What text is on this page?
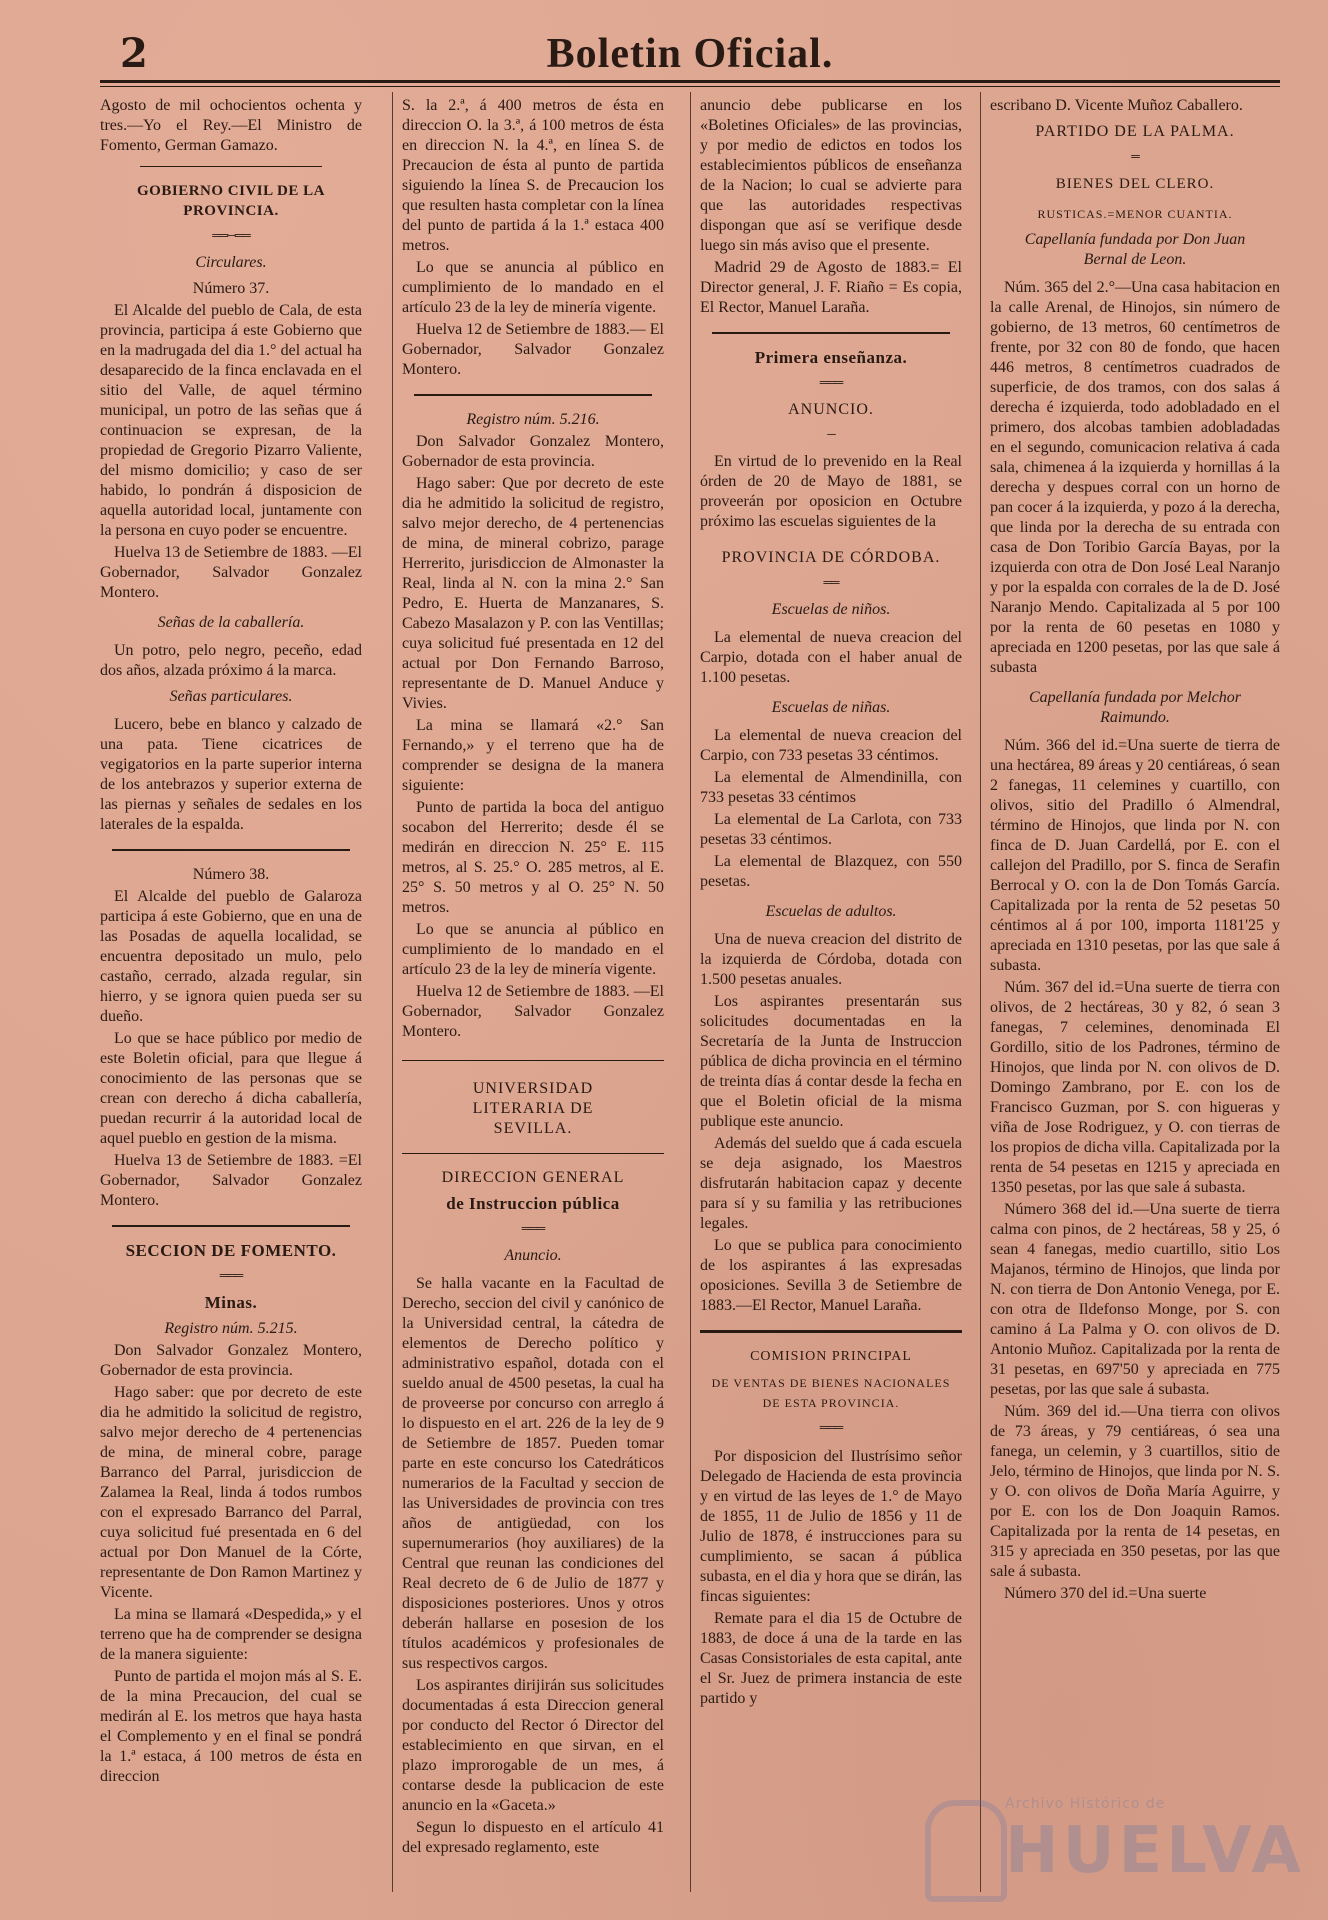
2	Boletin Oficial.

Agosto de mil ochocientos ochenta y tres.—Yo el Rey.—El Ministro de Fomento, German Gamazo.

GOBIERNO CIVIL DE LA PROVINCIA.

══─══

Circulares.

Número 37.

El Alcalde del pueblo de Cala, de esta provincia, participa á este Gobierno que en la madrugada del dia 1.° del actual ha desaparecido de la finca enclavada en el sitio del Valle, de aquel término municipal, un potro de las señas que á continuacion se expresan, de la propiedad de Gregorio Pizarro Valiente, del mismo domicilio; y caso de ser habido, lo pondrán á disposicion de aquella autoridad local, juntamente con la persona en cuyo poder se encuentre.

Huelva 13 de Setiembre de 1883. —El Gobernador, Salvador Gonzalez Montero.

Señas de la caballería.

Un potro, pelo negro, peceño, edad dos años, alzada próximo á la marca.

Señas particulares.

Lucero, bebe en blanco y calzado de una pata. Tiene cicatrices de vegigatorios en la parte superior interna de los antebrazos y superior externa de las piernas y señales de sedales en los laterales de la espalda.

Número 38.

El Alcalde del pueblo de Galaroza participa á este Gobierno, que en una de las Posadas de aquella localidad, se encuentra depositado un mulo, pelo castaño, cerrado, alzada regular, sin hierro, y se ignora quien pueda ser su dueño.

Lo que se hace público por medio de este Boletin oficial, para que llegue á conocimiento de las personas que se crean con derecho á dicha caballería, puedan recurrir á la autoridad local de aquel pueblo en gestion de la misma.

Huelva 13 de Setiembre de 1883. =El Gobernador, Salvador Gonzalez Montero.

SECCION DE FOMENTO.

═══

Minas.

Registro núm. 5.215.

Don Salvador Gonzalez Montero, Gobernador de esta provincia.

Hago saber: que por decreto de este dia he admitido la solicitud de registro, salvo mejor derecho de 4 pertenencias de mina, de mineral cobre, parage Barranco del Parral, jurisdiccion de Zalamea la Real, linda á todos rumbos con el expresado Barranco del Parral, cuya solicitud fué presentada en 6 del actual por Don Manuel de la Córte, representante de Don Ramon Martinez y Vicente.

La mina se llamará «Despedida,» y el terreno que ha de comprender se designa de la manera siguiente:

Punto de partida el mojon más al S. E. de la mina Precaucion, del cual se medirán al E. los metros que haya hasta el Complemento y en el final se pondrá la 1.ª estaca, á 100 metros de ésta en direccion

S. la 2.ª, á 400 metros de ésta en direccion O. la 3.ª, á 100 metros de ésta en direccion N. la 4.ª, en línea S. de Precaucion de ésta al punto de partida siguiendo la línea S. de Precaucion los que resulten hasta completar con la línea del punto de partida á la 1.ª estaca 400 metros.

Lo que se anuncia al público en cumplimiento de lo mandado en el artículo 23 de la ley de minería vigente.

Huelva 12 de Setiembre de 1883.— El Gobernador, Salvador Gonzalez Montero.

Registro núm. 5.216.

Don Salvador Gonzalez Montero, Gobernador de esta provincia.

Hago saber: Que por decreto de este dia he admitido la solicitud de registro, salvo mejor derecho, de 4 pertenencias de mina, de mineral cobrizo, parage Herrerito, jurisdiccion de Almonaster la Real, linda al N. con la mina 2.° San Pedro, E. Huerta de Manzanares, S. Cabezo Masalazon y P. con las Ventillas; cuya solicitud fué presentada en 12 del actual por Don Fernando Barroso, representante de D. Manuel Anduce y Vivies.

La mina se llamará «2.° San Fernando,» y el terreno que ha de comprender se designa de la manera siguiente:

Punto de partida la boca del antiguo socabon del Herrerito; desde él se medirán en direccion N. 25° E. 115 metros, al S. 25.° O. 285 metros, al E. 25° S. 50 metros y al O. 25° N. 50 metros.

Lo que se anuncia al público en cumplimiento de lo mandado en el artículo 23 de la ley de minería vigente.

Huelva 12 de Setiembre de 1883. —El Gobernador, Salvador Gonzalez Montero.

UNIVERSIDAD LITERARIA DE SEVILLA.

DIRECCION GENERAL

de Instruccion pública

═══

Anuncio.

Se halla vacante en la Facultad de Derecho, seccion del civil y canónico de la Universidad central, la cátedra de elementos de Derecho político y administrativo español, dotada con el sueldo anual de 4500 pesetas, la cual ha de proveerse por concurso con arreglo á lo dispuesto en el art. 226 de la ley de 9 de Setiembre de 1857. Pueden tomar parte en este concurso los Catedráticos numerarios de la Facultad y seccion de las Universidades de provincia con tres años de antigüedad, con los supernumerarios (hoy auxiliares) de la Central que reunan las condiciones del Real decreto de 6 de Julio de 1877 y disposiciones posteriores. Unos y otros deberán hallarse en posesion de los títulos académicos y profesionales de sus respectivos cargos.

Los aspirantes dirijirán sus solicitudes documentadas á esta Direccion general por conducto del Rector ó Director del establecimiento en que sirvan, en el plazo improrogable de un mes, á contarse desde la publicacion de este anuncio en la «Gaceta.»

Segun lo dispuesto en el artículo 41 del expresado reglamento, este

anuncio debe publicarse en los «Boletines Oficiales» de las provincias, y por medio de edictos en todos los establecimientos públicos de enseñanza de la Nacion; lo cual se advierte para que las autoridades respectivas dispongan que así se verifique desde luego sin más aviso que el presente.

Madrid 29 de Agosto de 1883.= El Director general, J. F. Riaño = Es copia, El Rector, Manuel Laraña.

Primera enseñanza.

═══

ANUNCIO.

─

En virtud de lo prevenido en la Real órden de 20 de Mayo de 1881, se proveerán por oposicion en Octubre próximo las escuelas siguientes de la

PROVINCIA DE CÓRDOBA.

══

Escuelas de niños.

La elemental de nueva creacion del Carpio, dotada con el haber anual de 1.100 pesetas.

Escuelas de niñas.

La elemental de nueva creacion del Carpio, con 733 pesetas 33 céntimos.

La elemental de Almendinilla, con 733 pesetas 33 céntimos

La elemental de La Carlota, con 733 pesetas 33 céntimos.

La elemental de Blazquez, con 550 pesetas.

Escuelas de adultos.

Una de nueva creacion del distrito de la izquierda de Córdoba, dotada con 1.500 pesetas anuales.

Los aspirantes presentarán sus solicitudes documentadas en la Secretaría de la Junta de Instruccion pública de dicha provincia en el término de treinta días á contar desde la fecha en que el Boletin oficial de la misma publique este anuncio.

Además del sueldo que á cada escuela se deja asignado, los Maestros disfrutarán habitacion capaz y decente para sí y su familia y las retribuciones legales.

Lo que se publica para conocimiento de los aspirantes á las expresadas oposiciones. Sevilla 3 de Setiembre de 1883.—El Rector, Manuel Laraña.

COMISION PRINCIPAL

DE VENTAS DE BIENES NACIONALES DE ESTA PROVINCIA.

═══

Por disposicion del Ilustrísimo señor Delegado de Hacienda de esta provincia y en virtud de las leyes de 1.° de Mayo de 1855, 11 de Julio de 1856 y 11 de Julio de 1878, é instrucciones para su cumplimiento, se sacan á pública subasta, en el dia y hora que se dirán, las fincas siguientes:

Remate para el dia 15 de Octubre de 1883, de doce á una de la tarde en las Casas Consistoriales de esta capital, ante el Sr. Juez de primera instancia de este partido y

escribano D. Vicente Muñoz Caballero.

PARTIDO DE LA PALMA.

═

BIENES DEL CLERO.

RUSTICAS.=MENOR CUANTIA.

Capellanía fundada por Don Juan Bernal de Leon.

Núm. 365 del 2.°—Una casa habitacion en la calle Arenal, de Hinojos, sin número de gobierno, de 13 metros, 60 centímetros de frente, por 32 con 80 de fondo, que hacen 446 metros, 8 centímetros cuadrados de superficie, de dos tramos, con dos salas á derecha é izquierda, todo adobladado en el primero, dos alcobas tambien adobladadas en el segundo, comunicacion relativa á cada sala, chimenea á la izquierda y hornillas á la derecha y despues corral con un horno de pan cocer á la izquierda, y pozo á la derecha, que linda por la derecha de su entrada con casa de Don Toribio García Bayas, por la izquierda con otra de Don José Leal Naranjo y por la espalda con corrales de la de D. José Naranjo Mendo. Capitalizada al 5 por 100 por la renta de 60 pesetas en 1080 y apreciada en 1200 pesetas, por las que sale á subasta

Capellanía fundada por Melchor Raimundo.

Núm. 366 del id.=Una suerte de tierra de una hectárea, 89 áreas y 20 centiáreas, ó sean 2 fanegas, 11 celemines y cuartillo, con olivos, sitio del Pradillo ó Almendral, término de Hinojos, que linda por N. con finca de D. Juan Cardellá, por E. con el callejon del Pradillo, por S. finca de Serafin Berrocal y O. con la de Don Tomás García. Capitalizada por la renta de 52 pesetas 50 céntimos al á por 100, importa 1181'25 y apreciada en 1310 pesetas, por las que sale á subasta.

Núm. 367 del id.=Una suerte de tierra con olivos, de 2 hectáreas, 30 y 82, ó sean 3 fanegas, 7 celemines, denominada El Gordillo, sitio de los Padrones, término de Hinojos, que linda por N. con olivos de D. Domingo Zambrano, por E. con los de Francisco Guzman, por S. con higueras y viña de Jose Rodriguez, y O. con tierras de los propios de dicha villa. Capitalizada por la renta de 54 pesetas en 1215 y apreciada en 1350 pesetas, por las que sale á subasta.

Número 368 del id.—Una suerte de tierra calma con pinos, de 2 hectáreas, 58 y 25, ó sean 4 fanegas, medio cuartillo, sitio Los Majanos, término de Hinojos, que linda por N. con tierra de Don Antonio Venega, por E. con otra de Ildefonso Monge, por S. con camino á La Palma y O. con olivos de D. Antonio Muñoz. Capitalizada por la renta de 31 pesetas, en 697'50 y apreciada en 775 pesetas, por las que sale á subasta.

Núm. 369 del id.—Una tierra con olivos de 73 áreas, y 79 centiáreas, ó sea una fanega, un celemin, y 3 cuartillos, sitio de Jelo, término de Hinojos, que linda por N. S. y O. con olivos de Doña María Aguirre, y por E. con los de Don Joaquin Ramos. Capitalizada por la renta de 14 pesetas, en 315 y apreciada en 350 pesetas, por las que sale á subasta.

Número 370 del id.=Una suerte

Archivo Histórico de
HUELVA
